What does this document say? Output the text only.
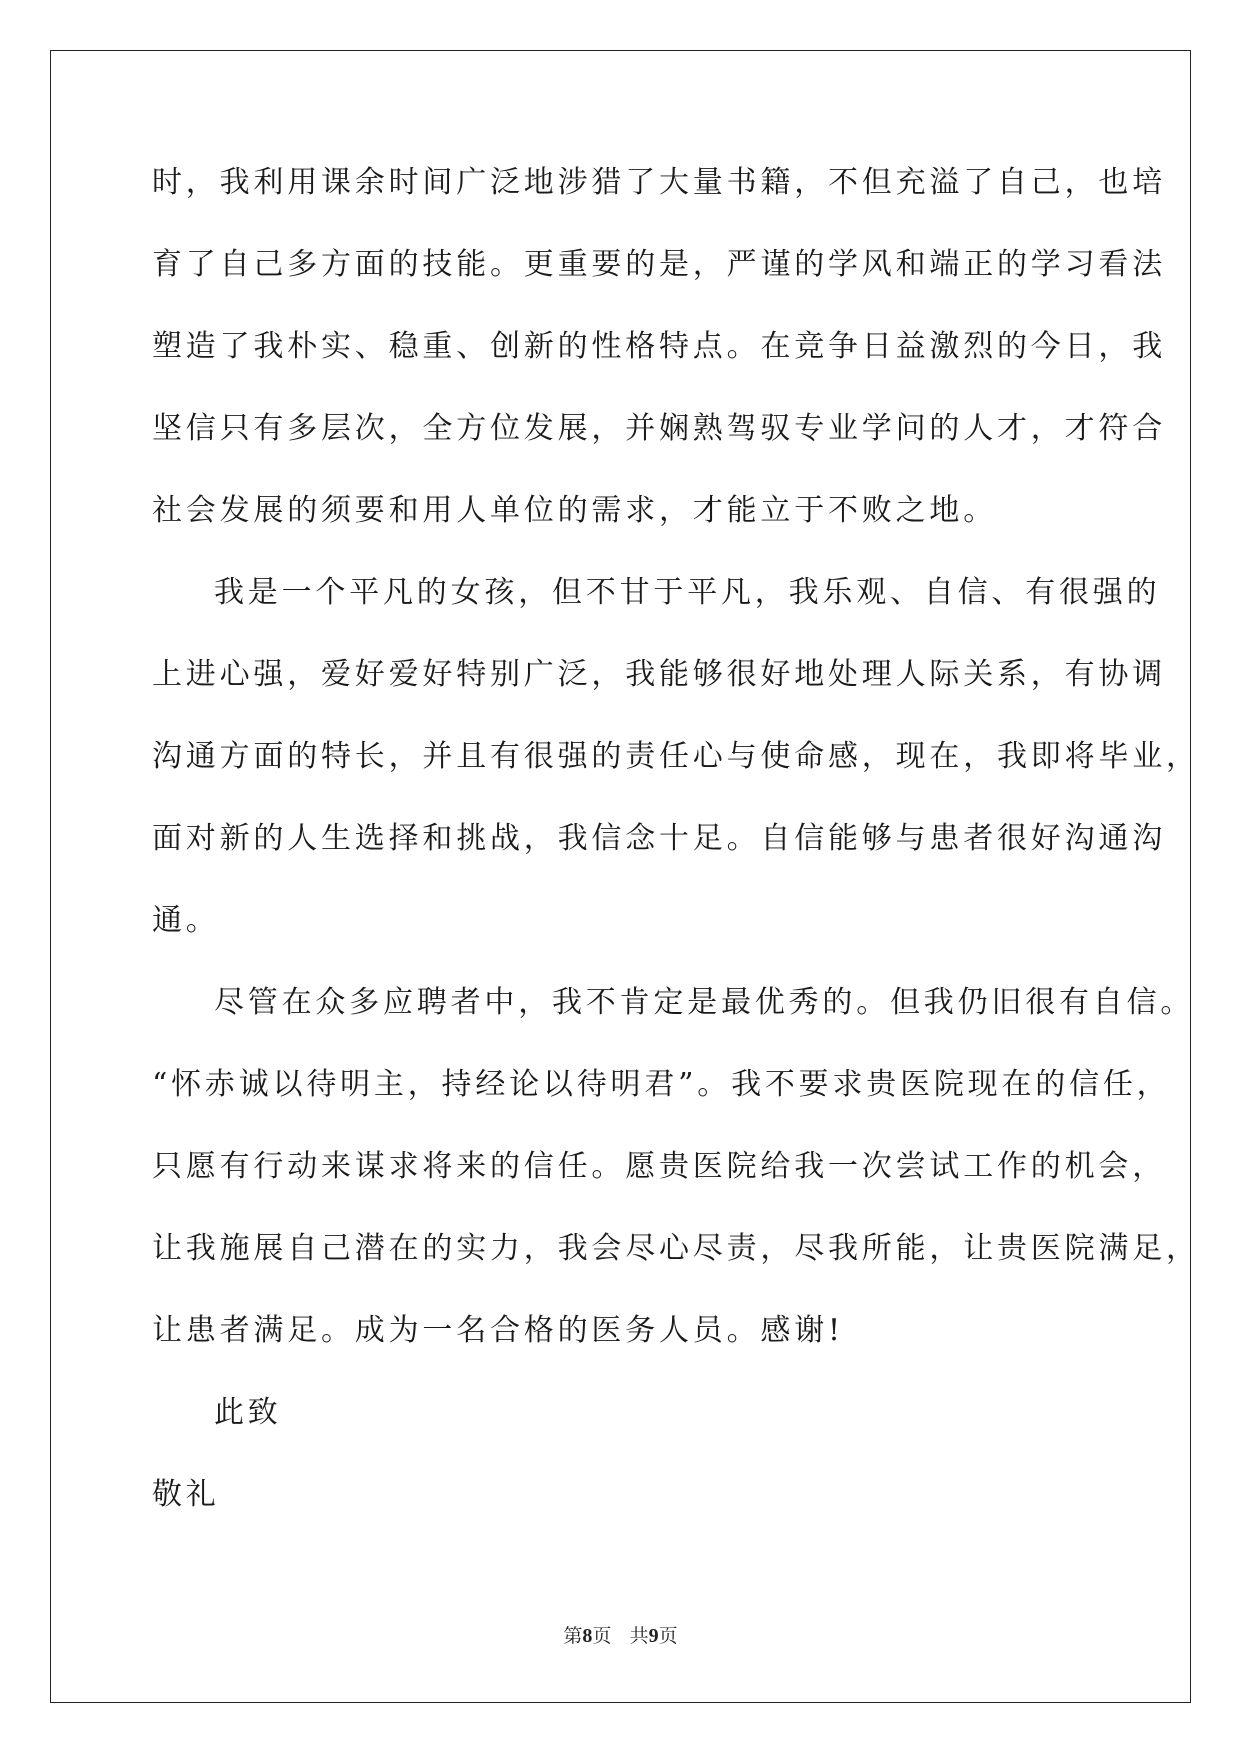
时，我利用课余时间广泛地涉猎了大量书籍，不但充溢了自己，也培
育了自己多方面的技能。更重要的是，严谨的学风和端正的学习看法
塑造了我朴实、稳重、创新的性格特点。在竞争日益激烈的今日，我
坚信只有多层次，全方位发展，并娴熟驾驭专业学问的人才，才符合
社会发展的须要和用人单位的需求，才能立于不败之地。
我是一个平凡的女孩，但不甘于平凡，我乐观、自信、有很强的
上进心强，爱好爱好特别广泛，我能够很好地处理人际关系，有协调
沟通方面的特长，并且有很强的责任心与使命感，现在，我即将毕业，
面对新的人生选择和挑战，我信念十足。自信能够与患者很好沟通沟
通。
尽管在众多应聘者中，我不肯定是最优秀的。但我仍旧很有自信。
“怀赤诚以待明主，持经论以待明君”。我不要求贵医院现在的信任，
只愿有行动来谋求将来的信任。愿贵医院给我一次尝试工作的机会，
让我施展自己潜在的实力，我会尽心尽责，尽我所能，让贵医院满足，
让患者满足。成为一名合格的医务人员。感谢!
此致
敬礼
第8页 共9页
